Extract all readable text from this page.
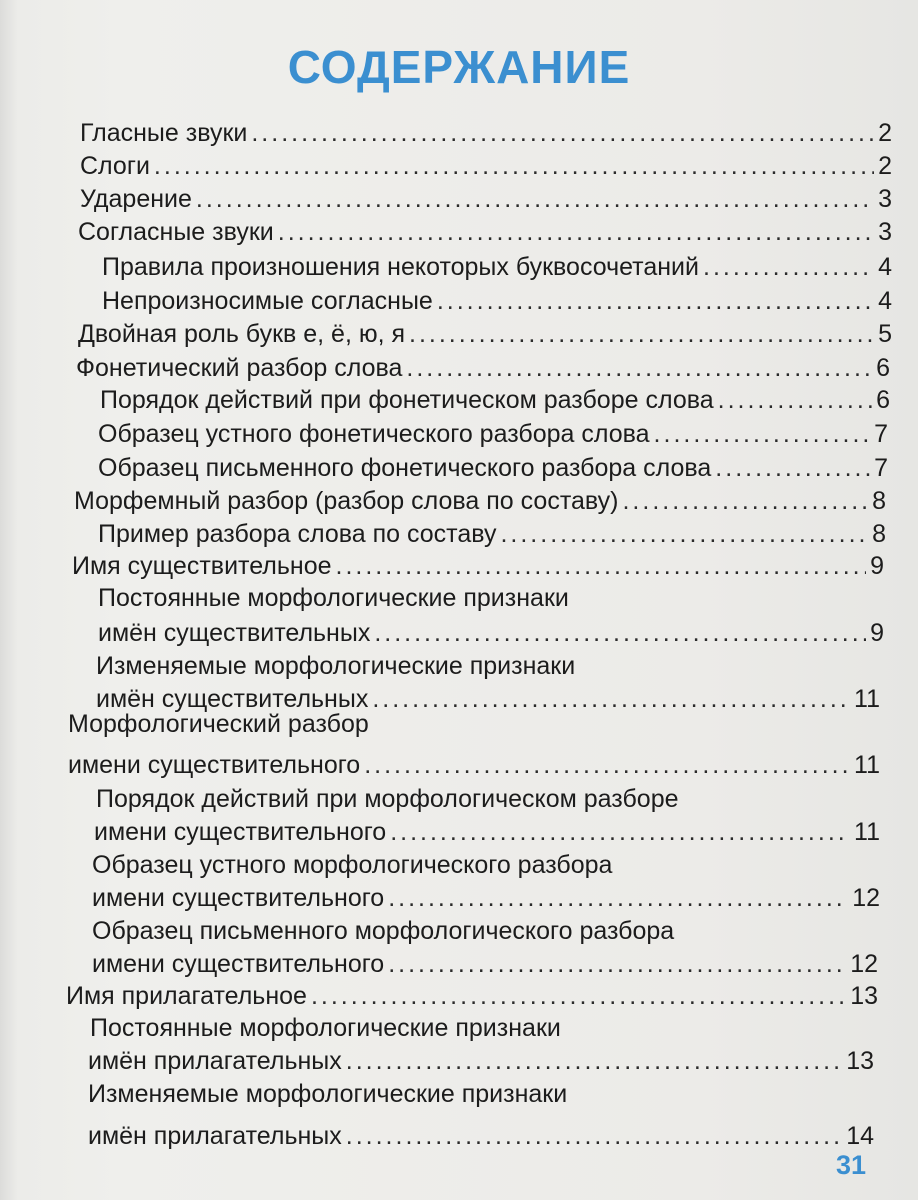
СОДЕРЖАНИЕ
Гласные звуки .....	2
Слоги .....	2
Ударение .....	3
Согласные звуки .....	3
Правила произношения некоторых буквосочетаний .....	4
Непроизносимые согласные .....	4
Двойная роль букв е, ё, ю, я .....	5
Фонетический разбор слова .....	6
Порядок действий при фонетическом разборе слова .....	6
Образец устного фонетического разбора слова .....	7
Образец письменного фонетического разбора слова .....	7
Морфемный разбор (разбор слова по составу) .....	8
Пример разбора слова по составу .....	8
Имя существительное .....	9
Постоянные морфологические признаки
имён существительных .....	9
Изменяемые морфологические признаки
имён существительных .....	11
Морфологический разбор
имени существительного .....	11
Порядок действий при морфологическом разборе
имени существительного .....	11
Образец устного морфологического разбора
имени существительного .....	12
Образец письменного морфологического разбора
имени существительного .....	12
Имя прилагательное .....	13
Постоянные морфологические признаки
имён прилагательных .....	13
Изменяемые морфологические признаки
имён прилагательных .....	14
31
